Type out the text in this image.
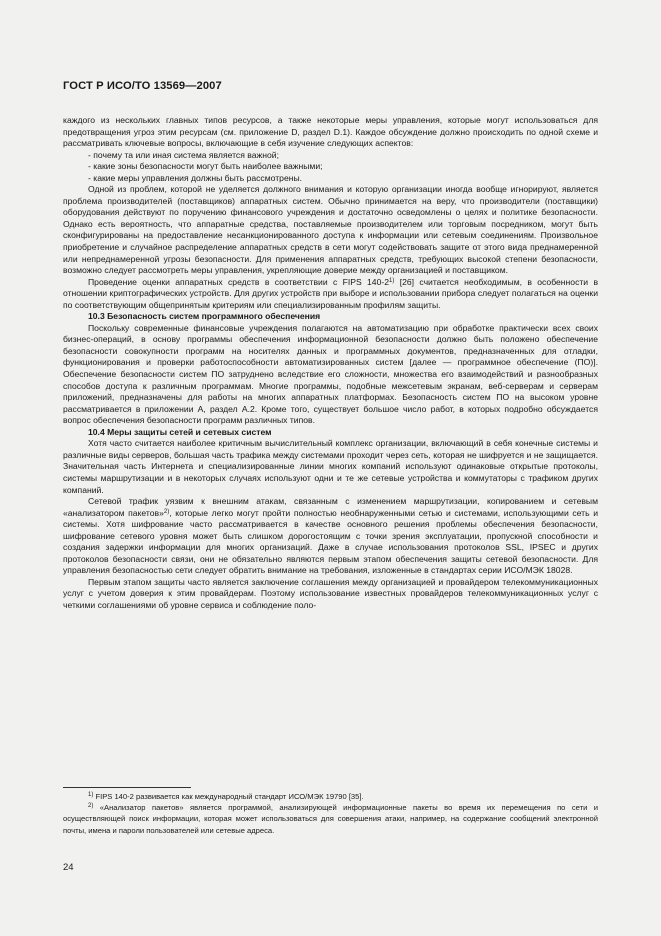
ГОСТ Р ИСО/ТО 13569—2007

каждого из нескольких главных типов ресурсов, а также некоторые меры управления, которые могут использоваться для предотвращения угроз этим ресурсам (см. приложение D, раздел D.1). Каждое обсуждение должно происходить по одной схеме и рассматривать ключевые вопросы, включающие в себя изучение следующих аспектов:

- почему та или иная система является важной;

- какие зоны безопасности могут быть наиболее важными;

- какие меры управления должны быть рассмотрены.

Одной из проблем, которой не уделяется должного внимания и которую организации иногда вообще игнорируют, является проблема производителей (поставщиков) аппаратных систем. Обычно принимается на веру, что производители (поставщики) оборудования действуют по поручению финансового учреждения и достаточно осведомлены о целях и политике безопасности. Однако есть вероятность, что аппаратные средства, поставляемые производителем или торговым посредником, могут быть сконфигурированы на предоставление несанкционированного доступа к информации или сетевым соединениям. Произвольное приобретение и случайное распределение аппаратных средств в сети могут содействовать защите от этого вида преднамеренной или непреднамеренной угрозы безопасности. Для применения аппаратных средств, требующих высокой степени безопасности, возможно следует рассмотреть меры управления, укрепляющие доверие между организацией и поставщиком.

Проведение оценки аппаратных средств в соответствии с FIPS 140-2$^{1)}$ [26] считается необходимым, в особенности в отношении криптографических устройств. Для других устройств при выборе и использовании прибора следует полагаться на оценки по соответствующим общепринятым критериям или специализированным профилям защиты.

10.3 Безопасность систем программного обеспечения

Поскольку современные финансовые учреждения полагаются на автоматизацию при обработке практически всех своих бизнес-операций, в основу программы обеспечения информационной безопасности должно быть положено обеспечение безопасности совокупности программ на носителях данных и программных документов, предназначенных для отладки, функционирования и проверки работоспособности автоматизированных систем [далее — программное обеспечение (ПО)]. Обеспечение безопасности систем ПО затруднено вследствие его сложности, множества его взаимодействий и разнообразных способов доступа к различным программам. Многие программы, подобные межсетевым экранам, веб-серверам и серверам приложений, предназначены для работы на многих аппаратных платформах. Безопасность систем ПО на высоком уровне рассматривается в приложении А, раздел А.2. Кроме того, существует большое число работ, в которых подробно обсуждается вопрос обеспечения безопасности программ различных типов.

10.4 Меры защиты сетей и сетевых систем

Хотя часто считается наиболее критичным вычислительный комплекс организации, включающий в себя конечные системы и различные виды серверов, большая часть трафика между системами проходит через сеть, которая не шифруется и не защищается. Значительная часть Интернета и специализированные линии многих компаний используют одинаковые открытые протоколы, системы маршрутизации и в некоторых случаях используют одни и те же сетевые устройства и коммутаторы с трафиком других компаний.

Сетевой трафик уязвим к внешним атакам, связанным с изменением маршрутизации, копированием и сетевым «анализатором пакетов»$^{2)}$, которые легко могут пройти полностью необнаруженными сетью и системами, использующими сеть и системы. Хотя шифрование часто рассматривается в качестве основного решения проблемы обеспечения безопасности, шифрование сетевого уровня может быть слишком дорогостоящим с точки зрения эксплуатации, пропускной способности и создания задержки информации для многих организаций. Даже в случае использования протоколов SSL, IPSEC и других протоколов безопасности связи, они не обязательно являются первым этапом обеспечения защиты сетевой безопасности. Для управления безопасностью сети следует обратить внимание на требования, изложенные в стандартах серии ИСО/МЭК 18028.

Первым этапом защиты часто является заключение соглашения между организацией и провайдером телекоммуникационных услуг с учетом доверия к этим провайдерам. Поэтому использование известных провайдеров телекоммуникационных услуг с четкими соглашениями об уровне сервиса и соблюдение поло-

$^{1)}$ FIPS 140-2 развивается как международный стандарт ИСО/МЭК 19790 [35].

$^{2)}$ «Анализатор пакетов» является программой, анализирующей информационные пакеты во время их перемещения по сети и осуществляющей поиск информации, которая может использоваться для совершения атаки, например, на содержание сообщений электронной почты, имена и пароли пользователей или сетевые адреса.

24
